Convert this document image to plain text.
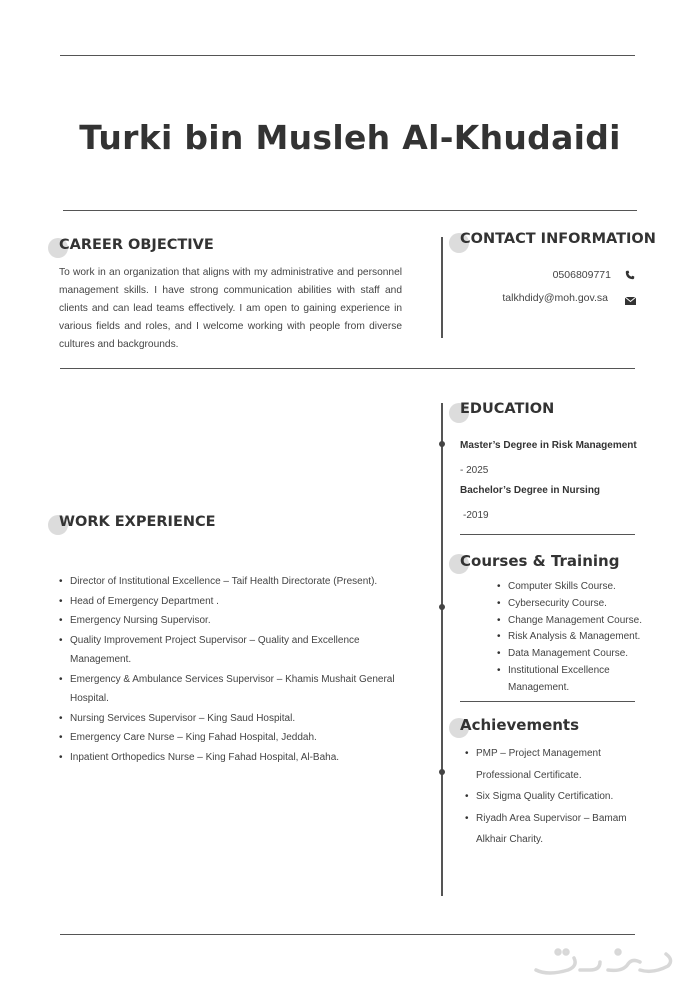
Turki bin Musleh Al-Khudaidi
CAREER OBJECTIVE
To work in an organization that aligns with my administrative and personnel management skills. I have strong communication abilities with staff and clients and can lead teams effectively. I am open to gaining experience in various fields and roles, and I welcome working with people from diverse cultures and backgrounds.
CONTACT INFORMATION
0506809771
talkhdidy@moh.gov.sa
WORK EXPERIENCE
• Director of Institutional Excellence – Taif Health Directorate (Present).
• Head of Emergency Department .
• Emergency Nursing Supervisor.
• Quality Improvement Project Supervisor – Quality and Excellence Management.
• Emergency & Ambulance Services Supervisor – Khamis Mushait General Hospital.
• Nursing Services Supervisor – King Saud Hospital.
• Emergency Care Nurse – King Fahad Hospital, Jeddah.
• Inpatient Orthopedics Nurse – King Fahad Hospital, Al-Baha.
EDUCATION
Master’s Degree in Risk Management
- 2025
Bachelor’s Degree in Nursing
-2019
Courses & Training
• Computer Skills Course.
• Cybersecurity Course.
• Change Management Course.
• Risk Analysis & Management.
• Data Management Course.
• Institutional Excellence Management.
Achievements
• PMP – Project Management Professional Certificate.
• Six Sigma Quality Certification.
• Riyadh Area Supervisor – Bamam Alkhair Charity.
